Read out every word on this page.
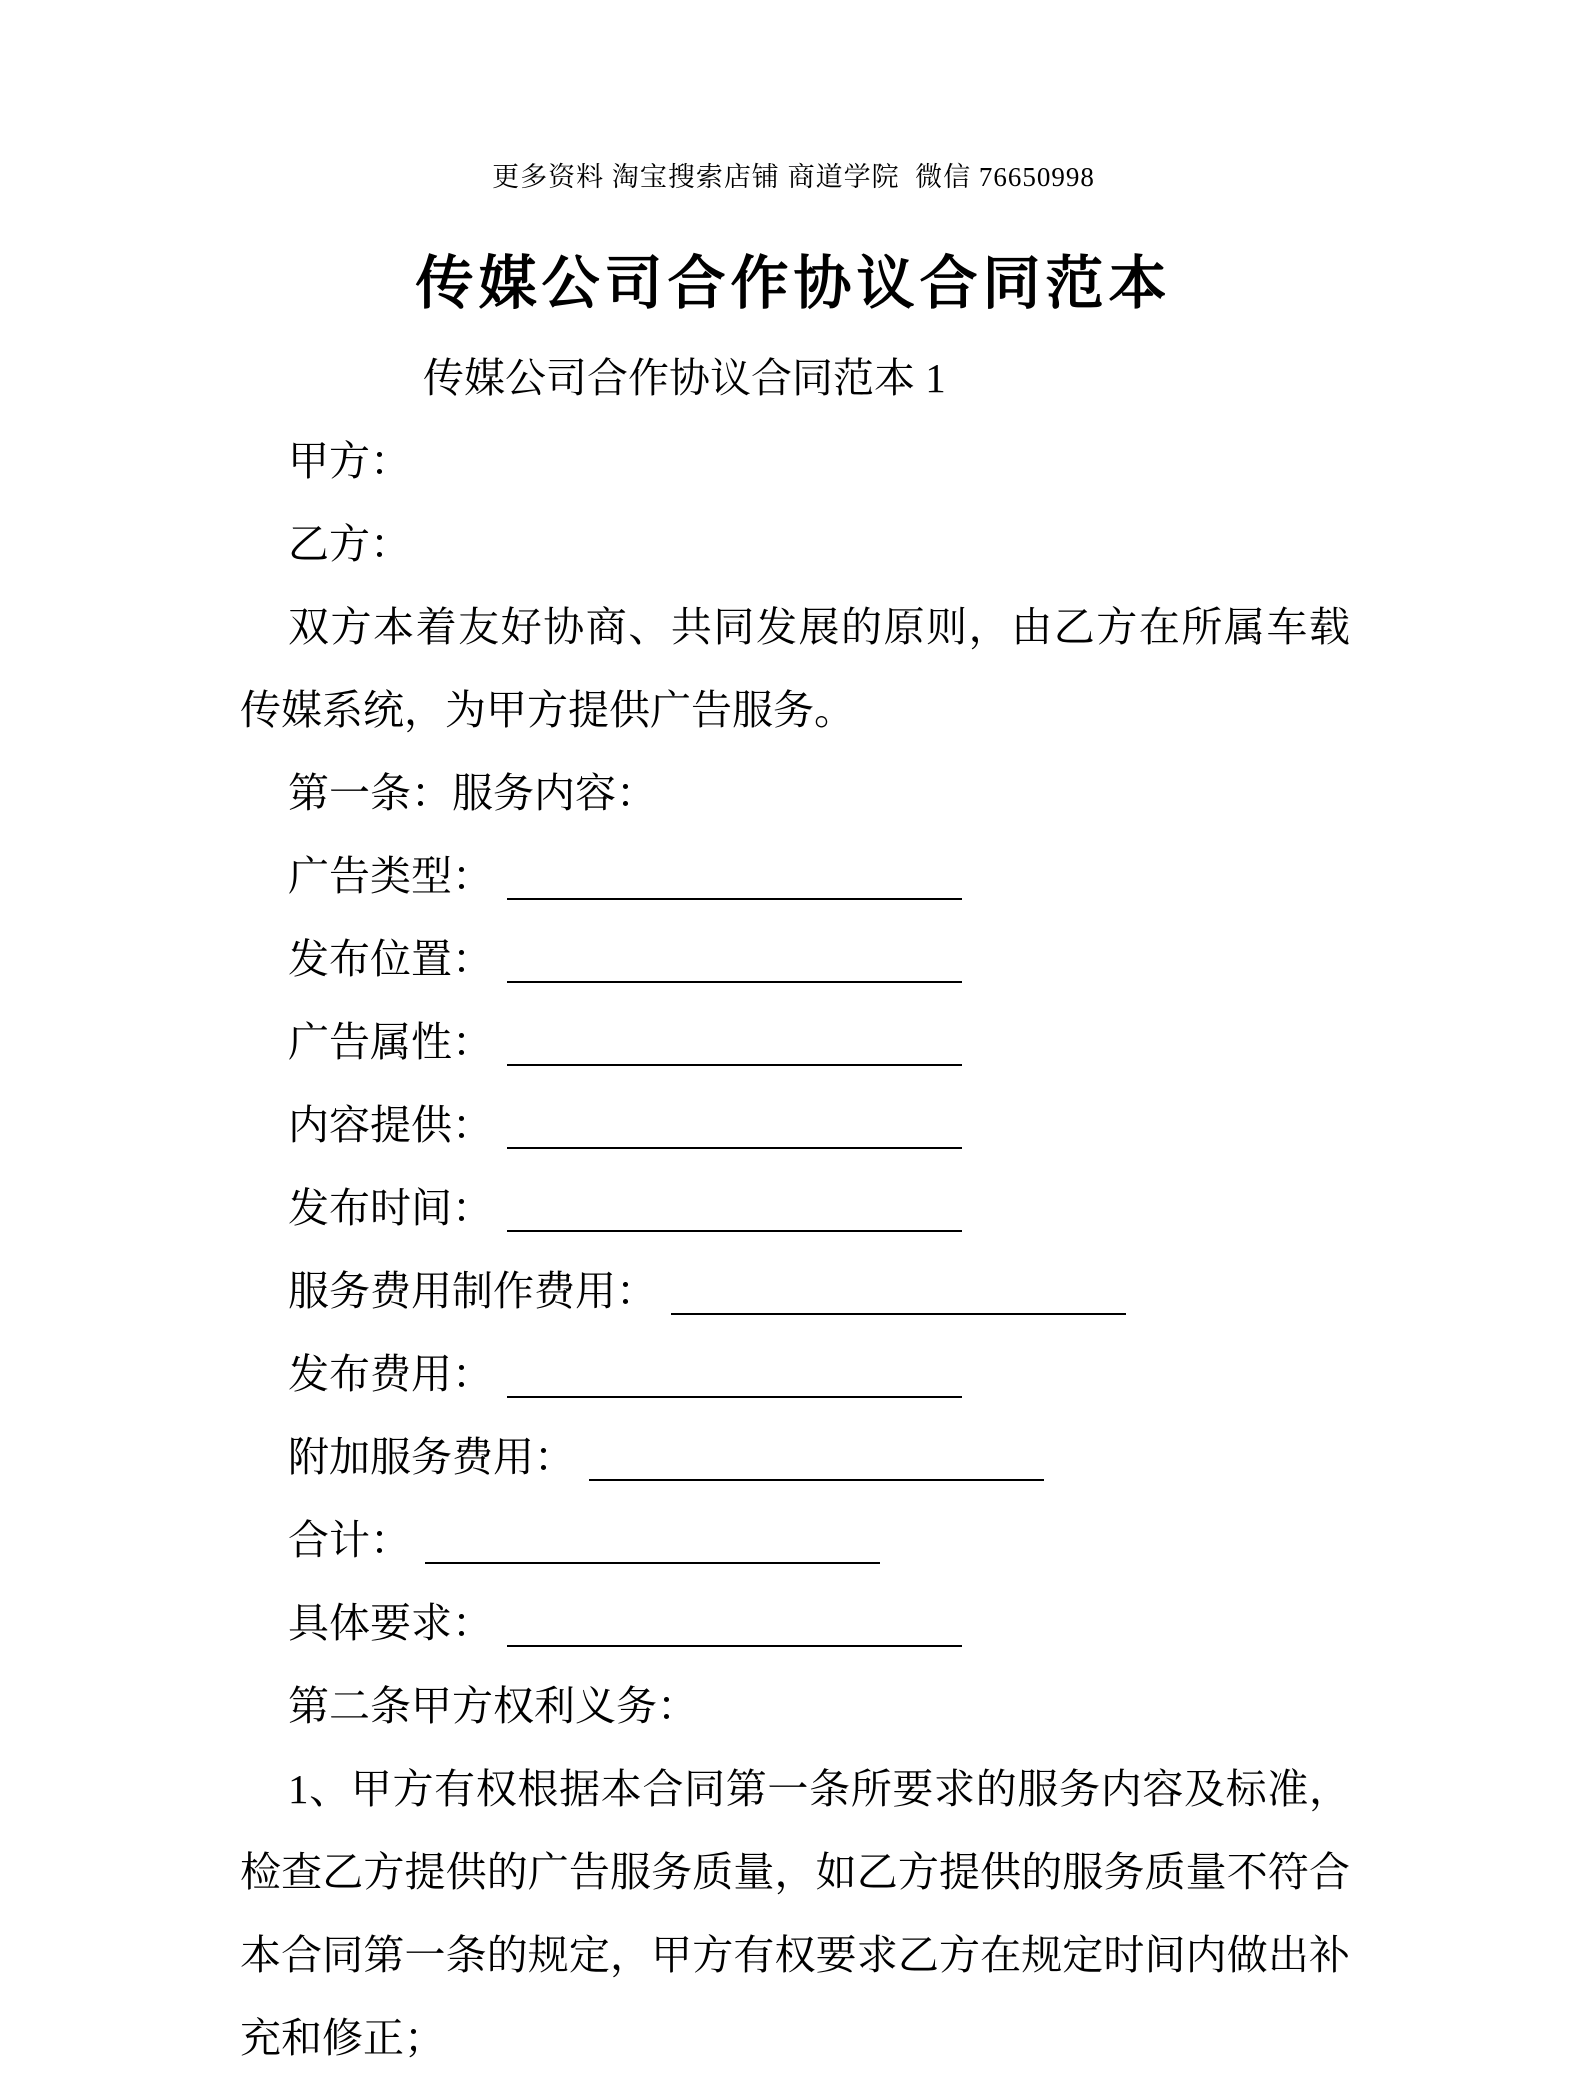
更多资料 淘宝搜索店铺 商道学院  微信 76650998
传媒公司合作协议合同范本

传媒公司合作协议合同范本 1

甲方：

乙方：

双方本着友好协商、共同发展的原则，由乙方在所属车载传媒系统，为甲方提供广告服务。

第一条：服务内容：

广告类型：

发布位置：

广告属性：

内容提供：

发布时间：

服务费用制作费用：

发布费用：

附加服务费用：

合计：

具体要求：

第二条甲方权利义务：

1、甲方有权根据本合同第一条所要求的服务内容及标准，检查乙方提供的广告服务质量，如乙方提供的服务质量不符合本合同第一条的规定，甲方有权要求乙方在规定时间内做出补充和修正；
